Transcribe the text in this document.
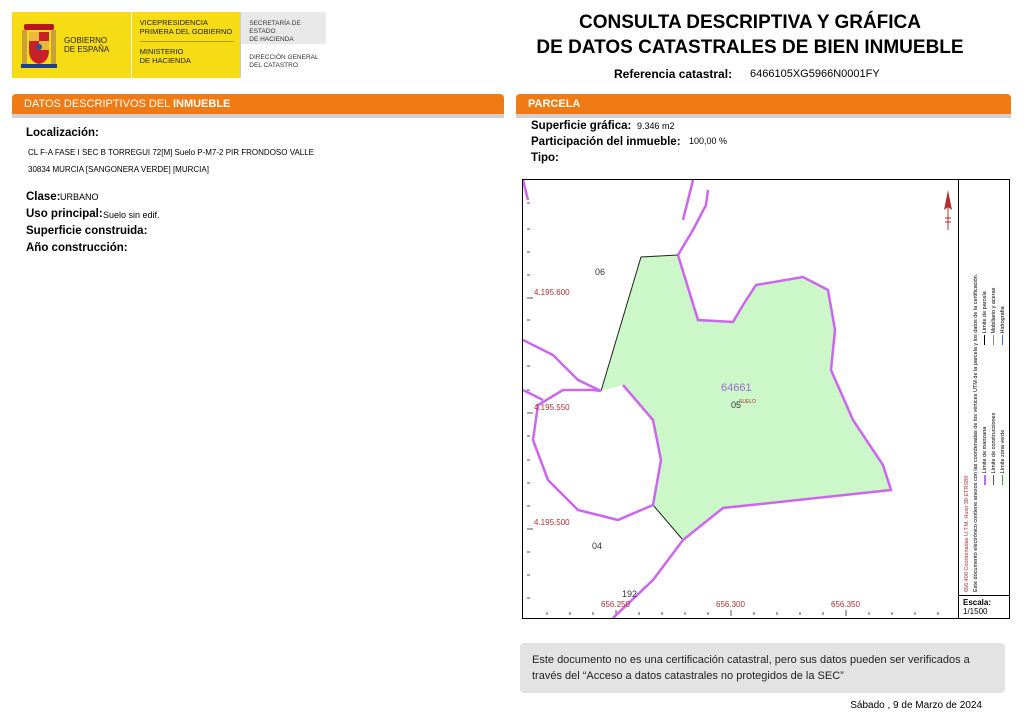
GOBIERNO
DE ESPAÑA
VICEPRESIDENCIA
PRIMERA DEL GOBIERNO
MINISTERIO
DE HACIENDA
SECRETARÍA DE ESTADO
DE HACIENDA
DIRECCIÓN GENERAL
DEL CATASTRO
CONSULTA DESCRIPTIVA Y GRÁFICA
DE DATOS CATASTRALES DE BIEN INMUEBLE
Referencia catastral: 6466105XG5966N0001FY
DATOS DESCRIPTIVOS DEL INMUEBLE
Localización:
CL F-A FASE I SEC B TORREGUI 72[M] Suelo P-M7-2 PIR FRONDOSO VALLE
30834 MURCIA [SANGONERA VERDE] [MURCIA]
Clase: URBANO
Uso principal: Suelo sin edif.
Superficie construida:
Año construcción:
PARCELA
Superficie gráfica: 9.346 m2
Participación del inmueble: 100,00 %
Tipo:
4.195.600
4.195.550
4.195.500
656.250	656.300	656.350
06
64661
05
SUELO
04
192
656.400 Coordenadas U.T.M. Huso 30 ETRS89 Este documento electrónico contiene anexos con las coordenadas de los vértices UTM de la parcela y los datos de la certificación. Límite de manzana
Límite de parcela
Límite de construcciones
Mobiliario y aceras
Límite zona verde
Hidrografía
Escala:
1/1500
Este documento no es una certificación catastral, pero sus datos pueden ser verificados a través del “Acceso a datos catastrales no protegidos de la SEC”
Sábado , 9 de Marzo de 2024
